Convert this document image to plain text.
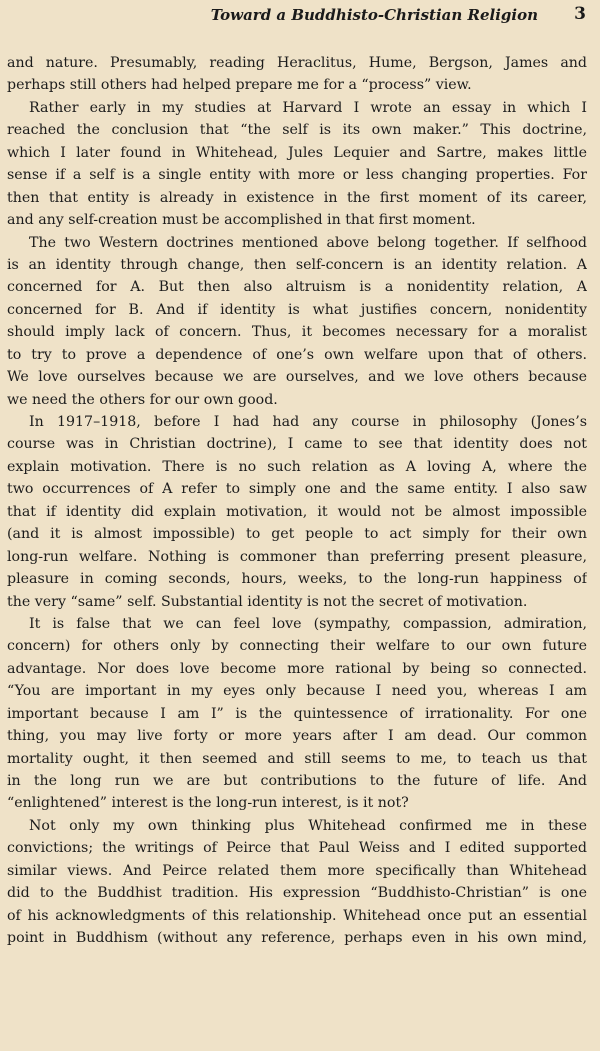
Toward a Buddhisto-Christian Religion 3
and nature. Presumably, reading Heraclitus, Hume, Bergson, James and
perhaps still others had helped prepare me for a “process” view.
Rather early in my studies at Harvard I wrote an essay in which I
reached the conclusion that “the self is its own maker.” This doctrine,
which I later found in Whitehead, Jules Lequier and Sartre, makes little
sense if a self is a single entity with more or less changing properties. For
then that entity is already in existence in the first moment of its career,
and any self-creation must be accomplished in that first moment.
The two Western doctrines mentioned above belong together. If selfhood
is an identity through change, then self-concern is an identity relation. A
concerned for A. But then also altruism is a nonidentity relation, A
concerned for B. And if identity is what justifies concern, nonidentity
should imply lack of concern. Thus, it becomes necessary for a moralist
to try to prove a dependence of one’s own welfare upon that of others.
We love ourselves because we are ourselves, and we love others because
we need the others for our own good.
In 1917–1918, before I had had any course in philosophy (Jones’s
course was in Christian doctrine), I came to see that identity does not
explain motivation. There is no such relation as A loving A, where the
two occurrences of A refer to simply one and the same entity. I also saw
that if identity did explain motivation, it would not be almost impossible
(and it is almost impossible) to get people to act simply for their own
long-run welfare. Nothing is commoner than preferring present pleasure,
pleasure in coming seconds, hours, weeks, to the long-run happiness of
the very “same” self. Substantial identity is not the secret of motivation.
It is false that we can feel love (sympathy, compassion, admiration,
concern) for others only by connecting their welfare to our own future
advantage. Nor does love become more rational by being so connected.
“You are important in my eyes only because I need you, whereas I am
important because I am I” is the quintessence of irrationality. For one
thing, you may live forty or more years after I am dead. Our common
mortality ought, it then seemed and still seems to me, to teach us that
in the long run we are but contributions to the future of life. And
“enlightened” interest is the long-run interest, is it not?
Not only my own thinking plus Whitehead confirmed me in these
convictions; the writings of Peirce that Paul Weiss and I edited supported
similar views. And Peirce related them more specifically than Whitehead
did to the Buddhist tradition. His expression “Buddhisto-Christian” is one
of his acknowledgments of this relationship. Whitehead once put an essential
point in Buddhism (without any reference, perhaps even in his own mind,
